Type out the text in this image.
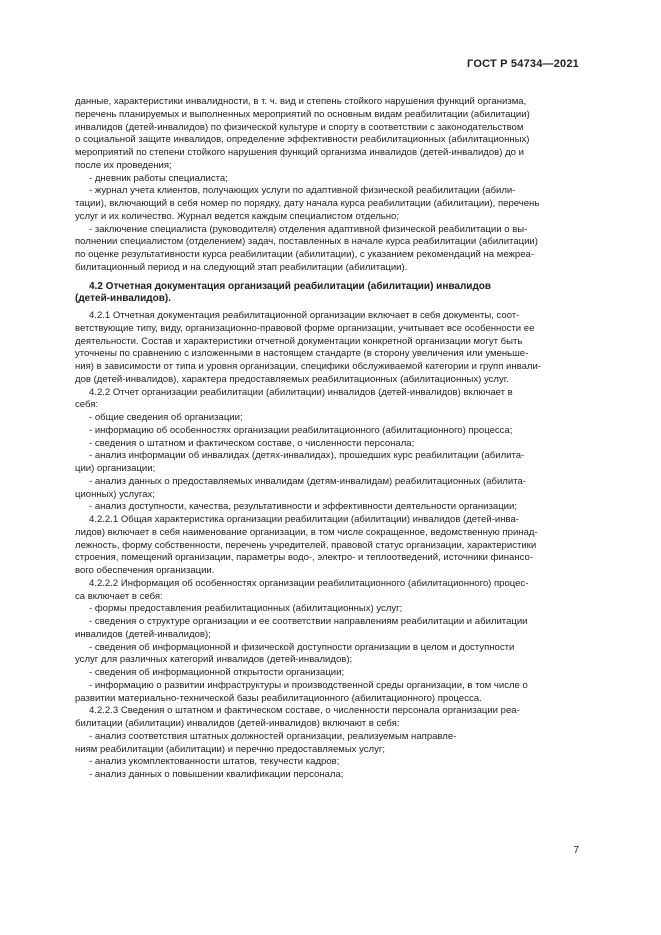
ГОСТ Р 54734—2021
данные, характеристики инвалидности, в т. ч. вид и степень стойкого нарушения функций организма,
перечень планируемых и выполненных мероприятий по основным видам реабилитации (абилитации)
инвалидов (детей-инвалидов) по физической культуре и спорту в соответствии с законодательством
о социальной защите инвалидов, определение эффективности реабилитационных (абилитационных)
мероприятий по степени стойкого нарушения функций организма инвалидов (детей-инвалидов) до и
после их проведения;
- дневник работы специалиста;
- журнал учета клиентов, получающих услуги по адаптивной физической реабилитации (абили-
тации), включающий в себя номер по порядку, дату начала курса реабилитации (абилитации), перечень
услуг и их количество. Журнал ведется каждым специалистом отдельно;
- заключение специалиста (руководителя) отделения адаптивной физической реабилитации о вы-
полнении специалистом (отделением) задач, поставленных в начале курса реабилитации (абилитации)
по оценке результативности курса реабилитации (абилитации), с указанием рекомендаций на межреа-
билитационный период и на следующий этап реабилитации (абилитации).
4.2 Отчетная документация организаций реабилитации (абилитации) инвалидов
(детей-инвалидов).
4.2.1 Отчетная документация реабилитационной организации включает в себя документы, соот-
ветствующие типу, виду, организационно-правовой форме организации, учитывает все особенности ее
деятельности. Состав и характеристики отчетной документации конкретной организации могут быть
уточнены по сравнению с изложенными в настоящем стандарте (в сторону увеличения или уменьше-
ния) в зависимости от типа и уровня организации, специфики обслуживаемой категории и групп инвали-
дов (детей-инвалидов), характера предоставляемых реабилитационных (абилитационных) услуг.
4.2.2 Отчет организации реабилитации (абилитации) инвалидов (детей-инвалидов) включает в
себя:
- общие сведения об организации;
- информацию об особенностях организации реабилитационного (абилитационного) процесса;
- сведения о штатном и фактическом составе, о численности персонала;
- анализ информации об инвалидах (детях-инвалидах), прошедших курс реабилитации (абилита-
ции) организации;
- анализ данных о предоставляемых инвалидам (детям-инвалидам) реабилитационных (абилита-
ционных) услугах;
- анализ доступности, качества, результативности и эффективности деятельности организации;
4.2.2.1 Общая характеристика организации реабилитации (абилитации) инвалидов (детей-инва-
лидов) включает в себя наименование организации, в том числе сокращенное, ведомственную принад-
лежность, форму собственности, перечень учредителей, правовой статус организации, характеристики
строения, помещений организации, параметры водо-, электро- и теплоотведений, источники финансо-
вого обеспечения организации.
4.2.2.2 Информация об особенностях организации реабилитационного (абилитационного) процес-
са включает в себя:
- формы предоставления реабилитационных (абилитационных) услуг;
- сведения о структуре организации и ее соответствии направлениям реабилитации и абилитации
инвалидов (детей-инвалидов);
- сведения об информационной и физической доступности организации в целом и доступности
услуг для различных категорий инвалидов (детей-инвалидов);
- сведения об информационной открытости организации;
- информацию о развитии инфраструктуры и производственной среды организации, в том числе о
развитии материально-технической базы реабилитационного (абилитационного) процесса.
4.2.2.3 Сведения о штатном и фактическом составе, о численности персонала организации реа-
билитации (абилитации) инвалидов (детей-инвалидов) включают в себя:
- анализ соответствия штатных должностей организации, реализуемым направле-
ниям реабилитации (абилитации) и перечню предоставляемых услуг;
- анализ укомплектованности штатов, текучести кадров;
- анализ данных о повышении квалификации персонала;
7
